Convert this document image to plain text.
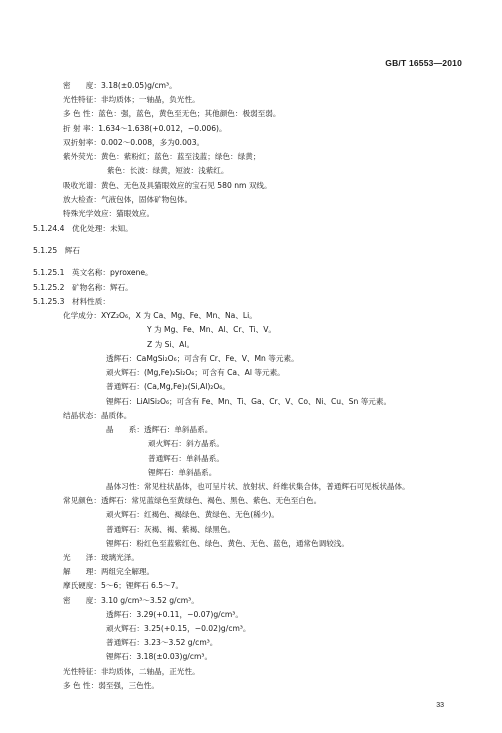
GB/T 16553—2010
密　　度：3.18(±0.05)g/cm³。
光性特征：非均质体；一轴晶，负光性。
多 色 性：蓝色：强，蓝色，黄色至无色；其他颜色：极弱至弱。
折 射 率：1.634～1.638(+0.012，−0.006)。
双折射率：0.002～0.008，多为0.003。
紫外荧光：黄色：紫粉红；蓝色：蓝至浅蓝；绿色：绿黄；
紫色：长波：绿黄，短波：浅紫红。
吸收光谱：黄色、无色及具猫眼效应的宝石见 580 nm 双线。
放大检查：气液包体，固体矿物包体。
特殊光学效应：猫眼效应。
5.1.24.4　优化处理：未知。
5.1.25　辉石
5.1.25.1　英文名称：pyroxene。
5.1.25.2　矿物名称：辉石。
5.1.25.3　材料性质：
化学成分：XYZ₂O₆，X 为 Ca、Mg、Fe、Mn、Na、Li。
Y 为 Mg、Fe、Mn、Al、Cr、Ti、V。
Z 为 Si、Al。
透辉石：CaMgSi₂O₆；可含有 Cr、Fe、V、Mn 等元素。
顽火辉石：(Mg,Fe)₂Si₂O₆；可含有 Ca、Al 等元素。
普通辉石：(Ca,Mg,Fe)₂(Si,Al)₂O₆。
锂辉石：LiAlSi₂O₆；可含有 Fe、Mn、Ti、Ga、Cr、V、Co、Ni、Cu、Sn 等元素。
结晶状态：晶质体。
晶　　系：透辉石：单斜晶系。
顽火辉石：斜方晶系。
普通辉石：单斜晶系。
锂辉石：单斜晶系。
晶体习性：常见柱状晶体，也可呈片状、放射状、纤维状集合体，普通辉石可见板状晶体。
常见颜色：透辉石：常见蓝绿色至黄绿色、褐色、黑色、紫色、无色至白色。
顽火辉石：红褐色、褐绿色、黄绿色、无色(稀少)。
普通辉石：灰褐、褐、紫褐、绿黑色。
锂辉石：粉红色至蓝紫红色、绿色、黄色、无色、蓝色，通常色调较浅。
光　　泽：玻璃光泽。
解　　理：两组完全解理。
摩氏硬度：5～6；锂辉石 6.5～7。
密　　度：3.10 g/cm³～3.52 g/cm³。
透辉石：3.29(+0.11，−0.07)g/cm³。
顽火辉石：3.25(+0.15，−0.02)g/cm³。
普通辉石：3.23～3.52 g/cm³。
锂辉石：3.18(±0.03)g/cm³。
光性特征：非均质体，二轴晶，正光性。
多 色 性：弱至强，三色性。
33
